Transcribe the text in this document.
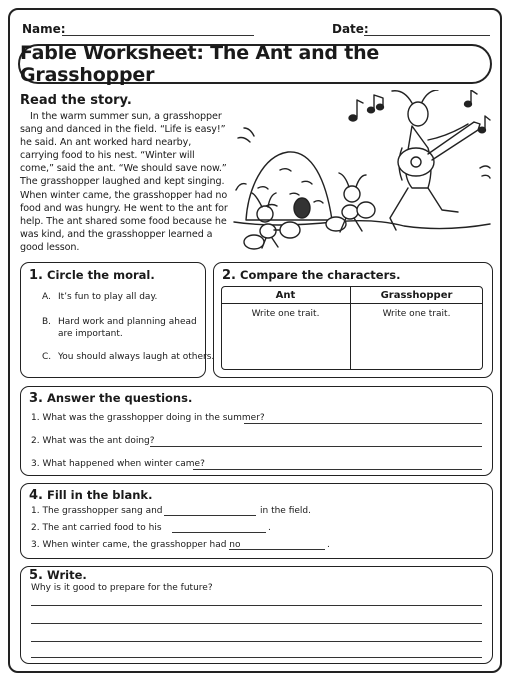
Name:	Date:
Fable Worksheet: The Ant and the Grasshopper
Read the story.
In the warm summer sun, a grasshopper sang and danced in the field. “Life is easy!” he said. An ant worked hard nearby, carrying food to his nest. “Winter will come,” said the ant. “We should save now.” The grasshopper laughed and kept singing. When winter came, the grasshopper had no food and was hungry. He went to the ant for help. The ant shared some food because he was kind, and the grasshopper learned a good lesson.
1. Circle the moral.
A. It’s fun to play all day.
B. Hard work and planning ahead are important.
C. You should always laugh at others.
2. Compare the characters.
Ant	Grasshopper
Write one trait.	Write one trait.
3. Answer the questions.
1. What was the grasshopper doing in the summer?
2. What was the ant doing?
3. What happened when winter came?
4. Fill in the blank.
1. The grasshopper sang and	in the field.
2. The ant carried food to his	.
3. When winter came, the grasshopper had no	.
5. Write.
Why is it good to prepare for the future?
